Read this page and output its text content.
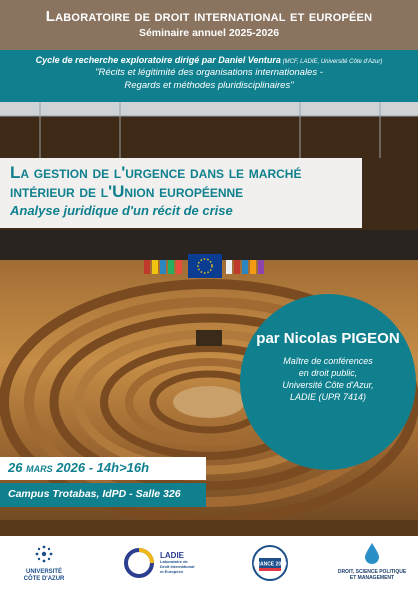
Laboratoire de droit international et européen
Séminaire annuel 2025-2026
Cycle de recherche exploratoire dirigé par Daniel Ventura (MCF, LADIE, Université Côte d'Azur)
"Récits et légitimité des organisations internationales -
Regards et méthodes pluridisciplinaires"
La gestion de l'urgence dans le marché
intérieur de l'Union européenne
Analyse juridique d'un récit de crise
par Nicolas PIGEON
Maître de conférences
en droit public,
Université Côte d'Azur,
LADIE (UPR 7414)
26 mars 2026 - 14h>16h
Campus Trotabas, IdPD - Salle 326
UNIVERSITÉ
CÔTE D'AZUR
LADIE
Laboratoire de Droit International et Européen
FRANCE 2030
DROIT, SCIENCE POLITIQUE
ET MANAGEMENT
